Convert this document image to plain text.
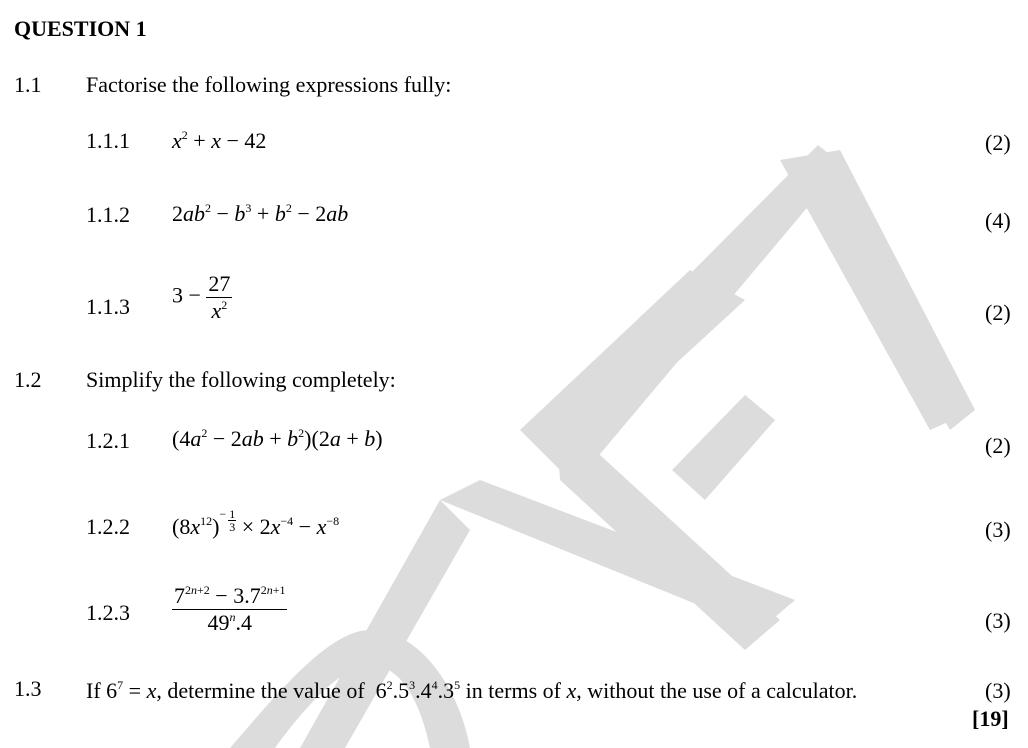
QUESTION 1
1.1 Factorise the following expressions fully:
1.1.1 $x^2 + x - 42$	(2)
1.1.2 $2ab^2 - b^3 + b^2 - 2ab$	(4)
1.1.3 $3 - \frac{27}{x^2}$	(2)
1.2 Simplify the following completely:
1.2.1 $(4a^2 - 2ab + b^2)(2a + b)$	(2)
1.2.2 $(8x^{12})^- \frac{1}{3} \times 2x^{-4} - x^{-8}$	(3)
$1.2.3 \frac{7^{2n+2} - 3.7^{2n+1}}{49^n.4}$	(3)
1.3 If $6^7 = x$, determine the value of  $6^2.5^3.4^4.3^5$ in terms of x, without the use of a calculator.	(3)
[19]
